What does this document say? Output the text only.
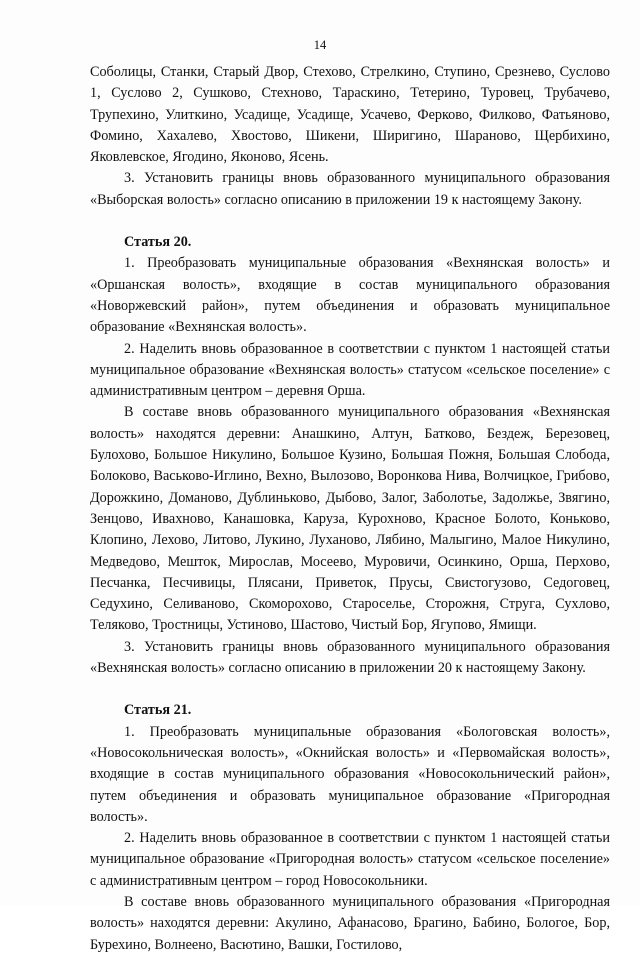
14

Соболицы, Станки, Старый Двор, Стехово, Стрелкино, Ступино, Срезнево, Суслово 1, Суслово 2, Сушково, Стехново, Тараскино, Тетерино, Туровец, Трубачево, Трупехино, Улиткино, Усадище, Усадище, Усачево, Ферково, Филково, Фатьяново, Фомино, Хахалево, Хвостово, Шикени, Ширигино, Шараново, Щербихино, Яковлевское, Ягодино, Яконово, Ясень.

3. Установить границы вновь образованного муниципального образования «Выборская волость» согласно описанию в приложении 19 к настоящему Закону.

Статья 20.

1. Преобразовать муниципальные образования «Вехнянская волость» и «Оршанская волость», входящие в состав муниципального образования «Новоржевский район», путем объединения и образовать муниципальное образование «Вехнянская волость».

2. Наделить вновь образованное в соответствии с пунктом 1 настоящей статьи муниципальное образование «Вехнянская волость» статусом «сельское поселение» с административным центром – деревня Орша.

В составе вновь образованного муниципального образования «Вехнянская волость» находятся деревни: Анашкино, Алтун, Батково, Бездеж, Березовец, Булохово, Большое Никулино, Большое Кузино, Большая Пожня, Большая Слобода, Болоково, Васьково-Иглино, Вехно, Вылозово, Воронкова Нива, Волчицкое, Грибово, Дорожкино, Доманово, Дублиньково, Дыбово, Залог, Заболотье, Задолжье, Звягино, Зенцово, Ивахново, Канашовка, Каруза, Курохново, Красное Болото, Коньково, Клопино, Лехово, Литово, Лукино, Луханово, Лябино, Малыгино, Малое Никулино, Медведово, Мешток, Мирослав, Мосеево, Муровичи, Осинкино, Орша, Перхово, Песчанка, Песчивицы, Плясани, Приветок, Прусы, Свистогузово, Седоговец, Седухино, Селиваново, Скоморохово, Староселье, Сторожня, Струга, Сухлово, Теляково, Тростницы, Устиново, Шастово, Чистый Бор, Ягупово, Ямищи.

3. Установить границы вновь образованного муниципального образования «Вехнянская волость» согласно описанию в приложении 20 к настоящему Закону.

Статья 21.

1. Преобразовать муниципальные образования «Бологовская волость», «Новосокольническая волость», «Окнийская волость» и «Первомайская волость», входящие в состав муниципального образования «Новосокольнический район», путем объединения и образовать муниципальное образование «Пригородная волость».

2. Наделить вновь образованное в соответствии с пунктом 1 настоящей статьи муниципальное образование «Пригородная волость» статусом «сельское поселение» с административным центром – город Новосокольники.

В составе вновь образованного муниципального образования «Пригородная волость» находятся деревни: Акулино, Афанасово, Брагино, Бабино, Бологое, Бор, Бурехино, Волнеено, Васютино, Вашки, Гостилово,
